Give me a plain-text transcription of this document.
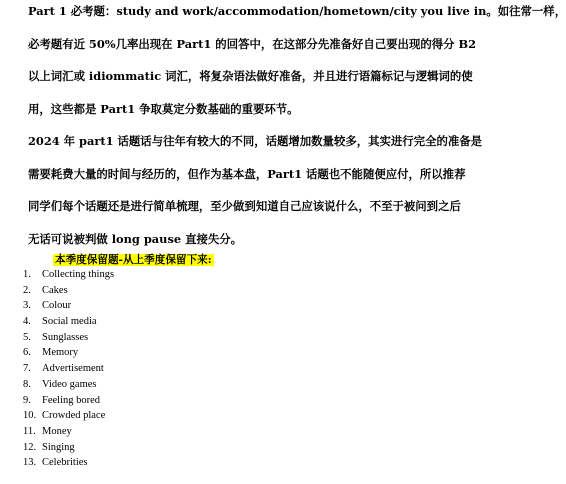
Part 1 必考题：study and work/accommodation/hometown/city you live in。如往常一样，
必考题有近 50%几率出现在 Part1 的回答中，在这部分先准备好自己要出现的得分 B2
以上词汇或 idiommatic 词汇，将复杂语法做好准备，并且进行语篇标记与逻辑词的使
用，这些都是 Part1 争取莫定分数基础的重要环节。
2024 年 part1 话题话与往年有较大的不同，话题增加数量较多，其实进行完全的准备是
需要耗费大量的时间与经历的，但作为基本盘，Part1 话题也不能随便应付，所以推荐
同学们每个话题还是进行简单梳理，至少做到知道自己应该说什么，不至于被问到之后
无话可说被判做 long pause 直接失分。
本季度保留题-从上季度保留下来:
1. Collecting things
2. Cakes
3. Colour
4. Social media
5. Sunglasses
6. Memory
7. Advertisement
8. Video games
9. Feeling bored
10. Crowded place
11. Money
12. Singing
13. Celebrities
